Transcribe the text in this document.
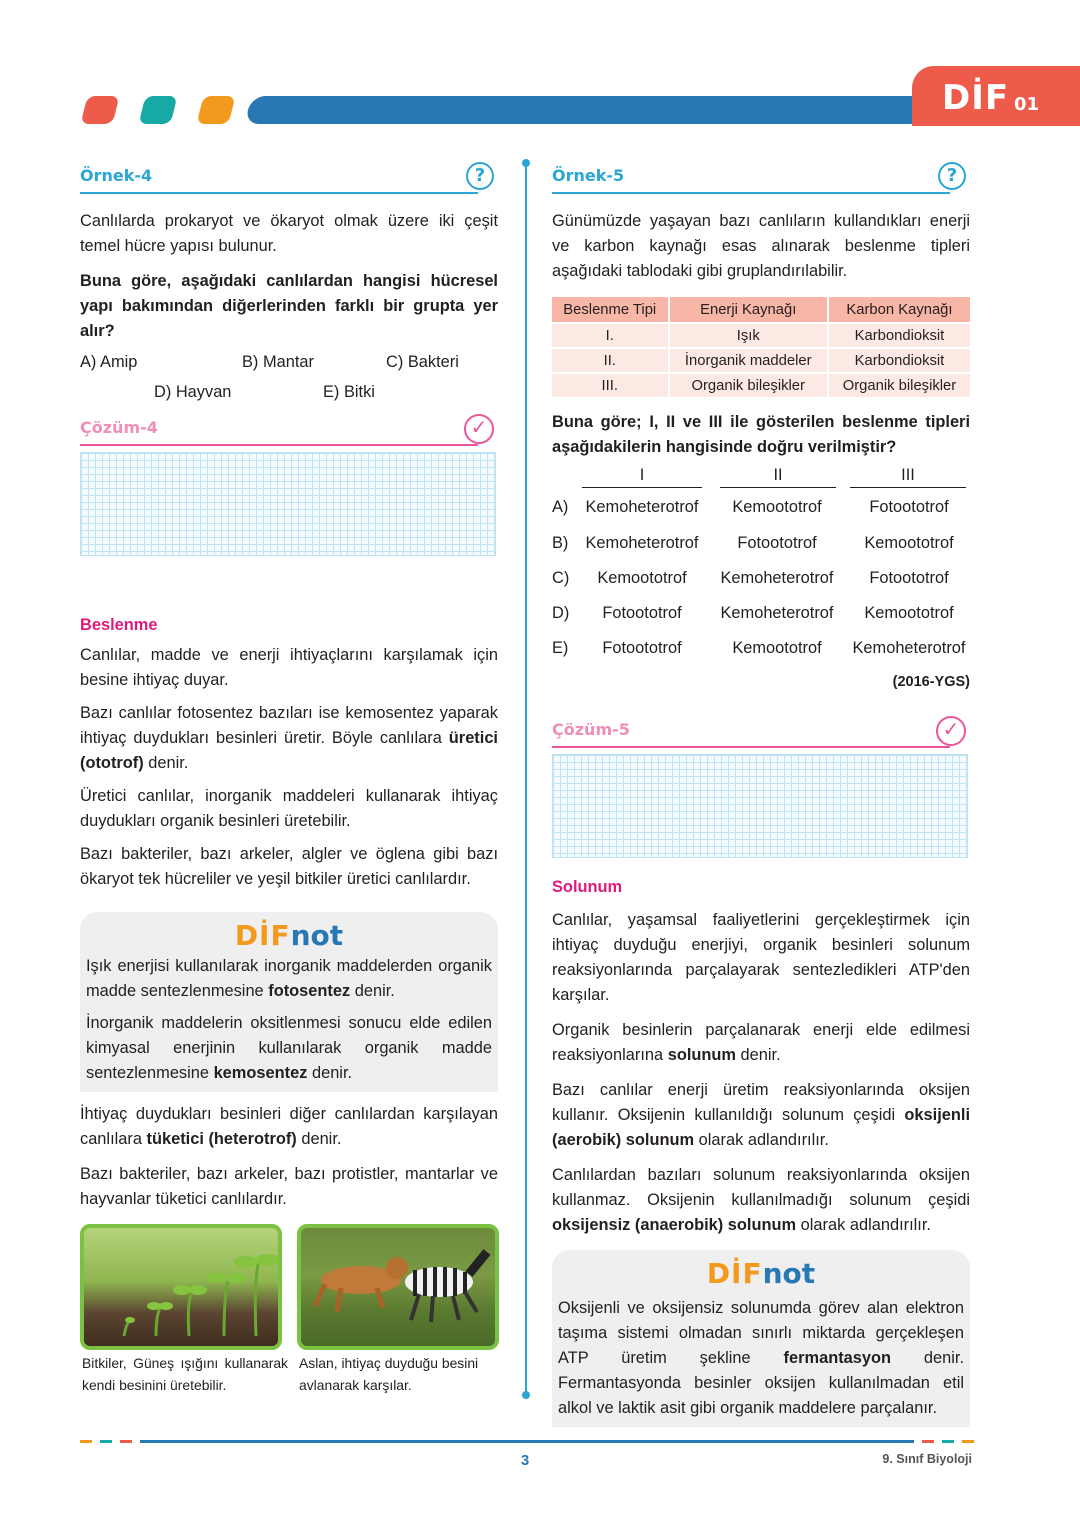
DİF 01
Örnek-4	?

Canlılarda prokaryot ve ökaryot olmak üzere iki çeşit temel hücre yapısı bulunur.

Buna göre, aşağıdaki canlılardan hangisi hücresel yapı bakımından diğerlerinden farklı bir grupta yer alır?

A) Amip	B) Mantar	C) Bakteri
D) Hayvan	E) Bitki
Çözüm-4	✓
Beslenme

Canlılar, madde ve enerji ihtiyaçlarını karşılamak için besine ihtiyaç duyar.

Bazı canlılar fotosentez bazıları ise kemosentez yaparak ihtiyaç duydukları besinleri üretir. Böyle canlılara üretici (ototrof) denir.

Üretici canlılar, inorganik maddeleri kullanarak ihtiyaç duydukları organik besinleri üretebilir.

Bazı bakteriler, bazı arkeler, algler ve öglena gibi bazı ökaryot tek hücreliler ve yeşil bitkiler üretici canlılardır.

DİFnot

Işık enerjisi kullanılarak inorganik maddelerden organik madde sentezlenmesine fotosentez denir.

İnorganik maddelerin oksitlenmesi sonucu elde edilen kimyasal enerjinin kullanılarak organik madde sentezlenmesine kemosentez denir.

İhtiyaç duydukları besinleri diğer canlılardan karşılayan canlılara tüketici (heterotrof) denir.

Bazı bakteriler, bazı arkeler, bazı protistler, mantarlar ve hayvanlar tüketici canlılardır.

Bitkiler, Güneş ışığını kullanarak kendi besinini üretebilir.
Aslan, ihtiyaç duyduğu besini avlanarak karşılar.
Örnek-5	?

Günümüzde yaşayan bazı canlıların kullandıkları enerji ve karbon kaynağı esas alınarak beslenme tipleri aşağıdaki tablodaki gibi gruplandırılabilir.

Beslenme Tipi	Enerji Kaynağı	Karbon Kaynağı
I.	Işık	Karbondioksit
II.	İnorganik maddeler	Karbondioksit
III.	Organik bileşikler	Organik bileşikler

Buna göre; I, II ve III ile gösterilen beslenme tipleri aşağıdakilerin hangisinde doğru verilmiştir?

I	II	III
A)	Kemoheterotrof	Kemoototrof	Fotoototrof
B)	Kemoheterotrof	Fotoototrof	Kemoototrof
C)	Kemoototrof	Kemoheterotrof	Fotoototrof
D)	Fotoototrof	Kemoheterotrof	Kemoototrof
E)	Fotoototrof	Kemoototrof	Kemoheterotrof
(2016-YGS)
Çözüm-5	✓
Solunum

Canlılar, yaşamsal faaliyetlerini gerçekleştirmek için ihtiyaç duyduğu enerjiyi, organik besinleri solunum reaksiyonlarında parçalayarak sentezledikleri ATP'den karşılar.

Organik besinlerin parçalanarak enerji elde edilmesi reaksiyonlarına solunum denir.

Bazı canlılar enerji üretim reaksiyonlarında oksijen kullanır. Oksijenin kullanıldığı solunum çeşidi oksijenli (aerobik) solunum olarak adlandırılır.

Canlılardan bazıları solunum reaksiyonlarında oksijen kullanmaz. Oksijenin kullanılmadığı solunum çeşidi oksijensiz (anaerobik) solunum olarak adlandırılır.

DİFnot

Oksijenli ve oksijensiz solunumda görev alan elektron taşıma sistemi olmadan sınırlı miktarda gerçekleşen ATP üretim şekline fermantasyon denir. Fermantasyonda besinler oksijen kullanılmadan etil alkol ve laktik asit gibi organik maddelere parçalanır.

3	9. Sınıf Biyoloji
